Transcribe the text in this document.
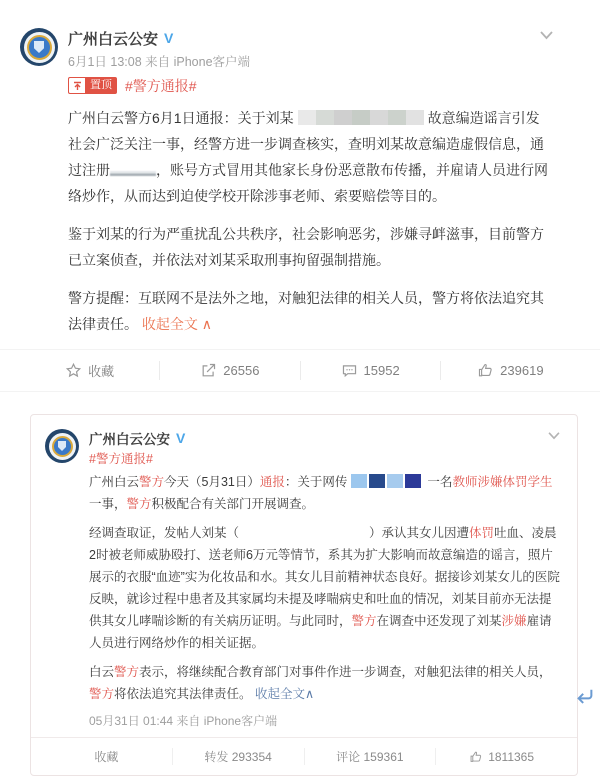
广州白云公安 V
6月1日 13:08 来自 iPhone客户端
置顶 #警方通报#

广州白云警方6月1日通报：关于刘某	故意编造谣言引发社会广泛关注一事，经警方进一步调查核实，查明刘某故意编造虚假信息，通过注册	，账号方式冒用其他家长身份恶意散布传播，并雇请人员进行网络炒作，从而达到迫使学校开除涉事老师、索要赔偿等目的。

鉴于刘某的行为严重扰乱公共秩序，社会影响恶劣，涉嫌寻衅滋事，目前警方已立案侦查，并依法对刘某采取刑事拘留强制措施。

警方提醒：互联网不是法外之地，对触犯法律的相关人员，警方将依法追究其法律责任。 收起全文 ∧

收藏	26556	15952	239619
广州白云公安 V
#警方通报#

广州白云警方今天（5月31日）通报：关于网传	一名教师涉嫌体罚学生一事，警方积极配合有关部门开展调查。

经调查取证，发帖人刘某（	）承认其女儿因遭体罚吐血、凌晨2时被老师威胁殴打、送老师6万元等情节，系其为扩大影响而故意编造的谣言，照片展示的衣服“血迹”实为化妆品和水。其女儿目前精神状态良好。据接诊刘某女儿的医院反映，就诊过程中患者及其家属均未提及哮喘病史和吐血的情况，刘某目前亦无法提供其女儿哮喘诊断的有关病历证明。与此同时，警方在调查中还发现了刘某涉嫌雇请人员进行网络炒作的相关证据。

白云警方表示，将继续配合教育部门对事件作进一步调查，对触犯法律的相关人员，警方将依法追究其法律责任。 收起全文∧

05月31日 01:44 来自 iPhone客户端
收藏	转发 293354	评论 159361	1811365
